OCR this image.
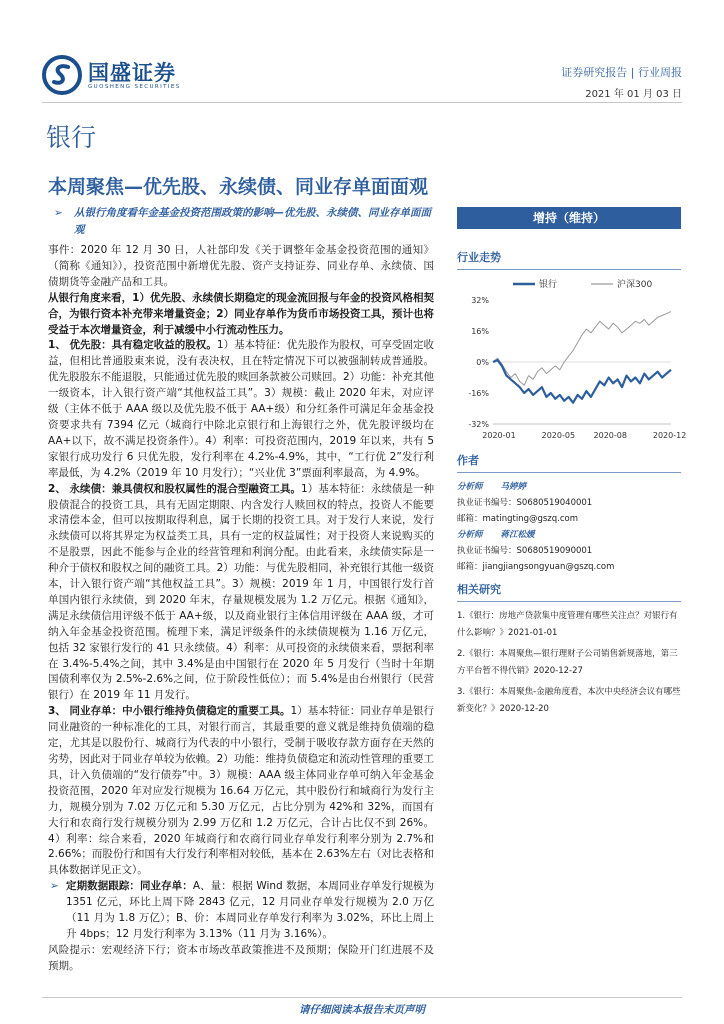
国盛证券
GUOSHENG SECURITIES
证券研究报告 | 行业周报
2021 年 01 月 03 日
银行
本周聚焦—优先股、永续债、同业存单面面观
➢ 从银行角度看年金基金投资范围政策的影响—优先股、永续债、同业存单面面观

事件：2020 年 12 月 30 日，人社部印发《关于调整年金基金投资范围的通知》（简称《通知》），投资范围中新增优先股、资产支持证券、同业存单、永续债、国债期货等金融产品和工具。

从银行角度来看，1）优先股、永续债长期稳定的现金流回报与年金的投资风格相契合，为银行资本补充带来增量资金；2）同业存单作为货币市场投资工具，预计也将受益于本次增量资金，利于减缓中小行流动性压力。

1、 优先股：具有稳定收益的股权。1）基本特征：优先股作为股权，可享受固定收益，但相比普通股東来说，没有表决权，且在特定情况下可以被强制转成普通股。优先股股东不能退股，只能通过优先股的赎回条款被公司赎回。2）功能：补充其他一级资本，计入银行资产端“其他权益工具”。3）规模：截止 2020 年末，对应评级（主体不低于 AAA 级以及优先股不低于 AA+级）和分红条件可满足年金基金投资要求共有 7394 亿元（城商行中除北京银行和上海银行之外，优先股评级均在 AA+以下，故不满足投资条件）。4）利率：可投资范围内，2019 年以来，共有 5 家银行成功发行 6 只优先股，发行利率在 4.2%-4.9%，其中，“工行优 2”发行利率最低，为 4.2%（2019 年 10 月发行）；“兴业优 3”票面利率最高，为 4.9%。

2、 永续债：兼具债权和股权属性的混合型融资工具。1）基本特征：永续债是一种股债混合的投资工具，具有无固定期限、内含发行人赎回权的特点，投资人不能要求清偿本金，但可以按期取得利息，属于长期的投资工具。对于发行人来说，发行永续债可以将其界定为权益类工具，具有一定的权益属性；对于投资人来说购买的不是股票，因此不能参与企业的经营管理和利润分配。由此看来，永续债实际是一种介于债权和股权之间的融资工具。2）功能：与优先股相同，补充银行其他一级资本，计入银行资产端“其他权益工具”。3）规模：2019 年 1 月，中国银行发行首单国内银行永续债，到 2020 年末，存量规模发展为 1.2 万亿元。根据《通知》，满足永续债信用评级不低于 AA+级，以及商业银行主体信用评级在 AAA 级，才可纳入年金基金投资范围。梳理下来，满足评级条件的永续债规模为 1.16 万亿元，包括 32 家银行发行的 41 只永续债。4）利率：从可投资的永续债来看，票据利率在 3.4%-5.4%之间，其中 3.4%是由中国银行在 2020 年 5 月发行（当时十年期国债利率仅为 2.5%-2.6%之间，位于阶段性低位）；而 5.4%是由台州银行（民营银行）在 2019 年 11 月发行。

3、 同业存单：中小银行维持负债稳定的重要工具。1）基本特征：同业存单是银行同业融资的一种标准化的工具，对银行而言，其最重要的意义就是维持负债端的稳定，尤其是以股份行、城商行为代表的中小银行，受制于吸收存款方面存在天然的劣势，因此对于同业存单较为依赖。2）功能：维持负债稳定和流动性管理的重要工具，计入负债端的“发行债券”中。3）规模：AAA 级主体同业存单可纳入年金基金投资范围，2020 年对应发行规模为 16.64 万亿元，其中股份行和城商行为发行主力，规模分别为 7.02 万亿元和 5.30 万亿元，占比分别为 42%和 32%，而国有大行和农商行发行规模分别为 2.99 万亿和 1.2 万亿元，合计占比仅不到 26%。4）利率：综合来看，2020 年城商行和农商行同业存单发行利率分别为 2.7%和 2.66%；而股份行和国有大行发行利率相对较低，基本在 2.63%左右（对比表格和具体数据详见正文）。

➢ 定期数据跟踪：同业存单：A、量：根据 Wind 数据，本周同业存单发行规模为 1351 亿元，环比上周下降 2843 亿元，12 月同业存单发行规模为 2.0 万亿（11 月为 1.8 万亿）；B、价：本周同业存单发行利率为 3.02%，环比上周上升 4bps；12 月发行利率为 3.13%（11 月为 3.16%）。

风险提示：宏观经济下行；资本市场改革政策推进不及预期；保险开门红进展不及预期。

增持（维持）
行业走势
银行	沪深300
32%
16%
0%
-16%
-32%
2020-01	2020-05 2020-08	2020-12
作者
分析师 马婷婷
执业证书编号：S0680519040001
邮箱：matingting@gszq.com
分析师 蒋江松媛
执业证书编号：S0680519090001
邮箱：jiangjiangsongyuan@gszq.com
相关研究
1.《银行：房地产贷款集中度管理有哪些关注点？对银行有什么影响？》2021-01-01
2.《银行：本周聚焦—银行理财子公司销售新规落地，第三方平台暂不得代销》2020-12-27
3.《银行：本周聚焦-金融角度看，本次中央经济会议有哪些新变化？》2020-12-20
请仔细阅读本报告末页声明
